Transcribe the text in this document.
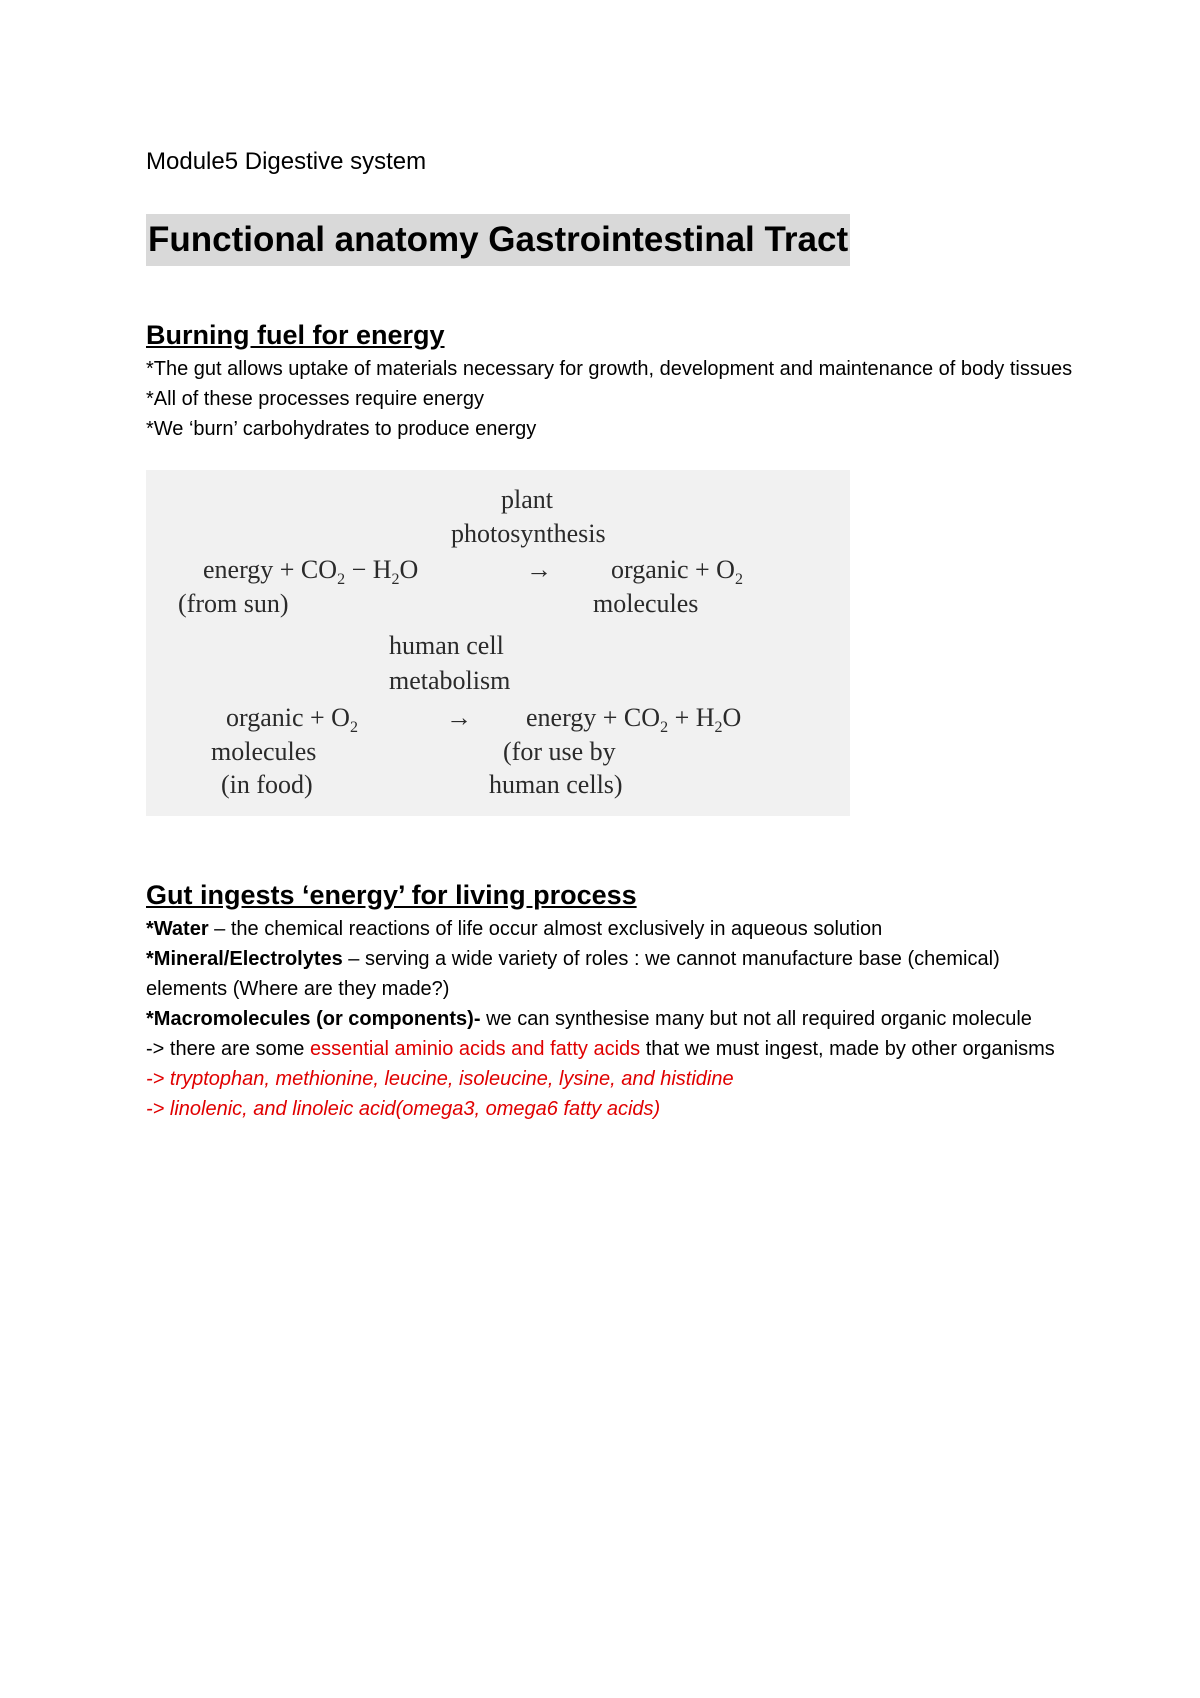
Module5 Digestive system
Functional anatomy Gastrointestinal Tract
Burning fuel for energy

*The gut allows uptake of materials necessary for growth, development and maintenance of body tissues

*All of these processes require energy

*We ‘burn’ carbohydrates to produce energy

plant
photosynthesis
energy + $CO_2 - H_2O$	→ organic + $O_2$
(from sun)	molecules
human cell
metabolism
organic + $O_2$	→ energy + $CO_2 + H_2O$
molecules	(for use by
(in food)	human cells)
Gut ingests ‘energy’ for living process

*Water – the chemical reactions of life occur almost exclusively in aqueous solution

*Mineral/Electrolytes – serving a wide variety of roles : we cannot manufacture base (chemical) elements (Where are they made?)

*Macromolecules (or components)- we can synthesise many but not all required organic molecule

-> there are some essential aminio acids and fatty acids that we must ingest, made by other organisms

-> tryptophan, methionine, leucine, isoleucine, lysine, and histidine

-> linolenic, and linoleic acid(omega3, omega6 fatty acids)
